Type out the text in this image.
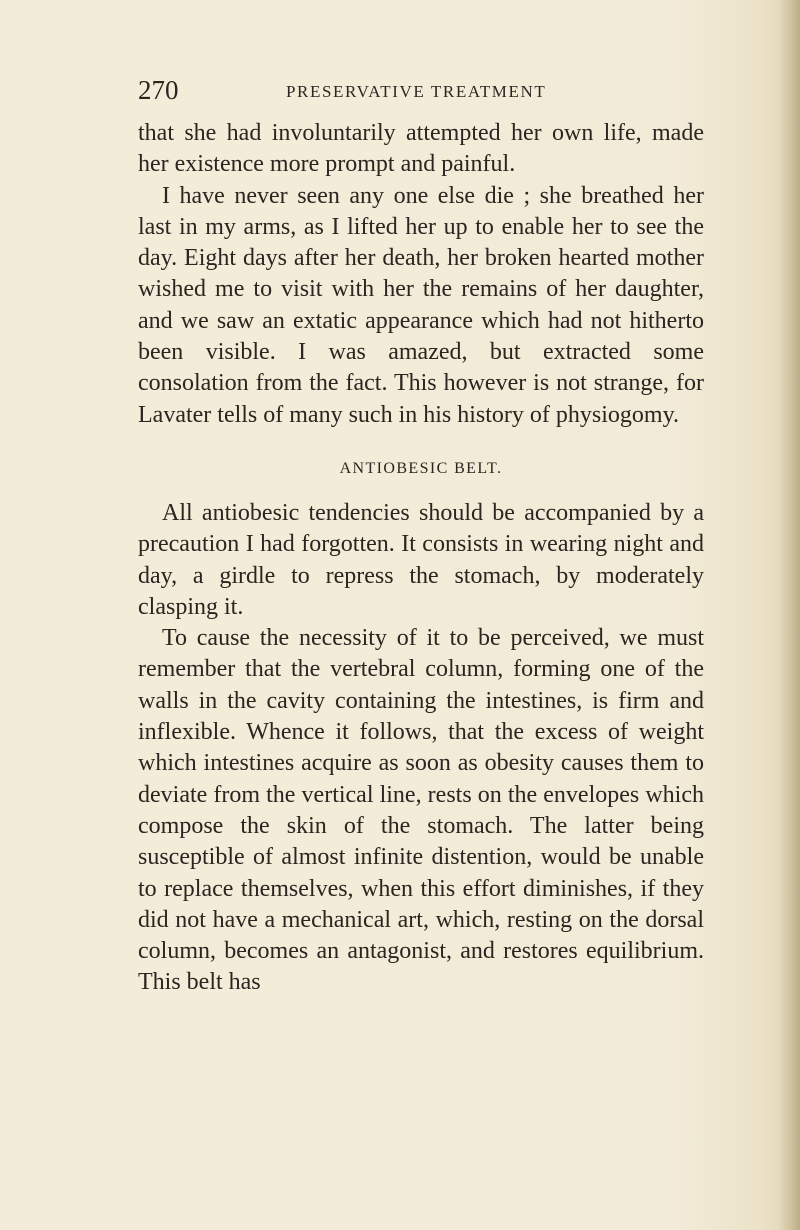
270	PRESERVATIVE TREATMENT

that she had involuntarily attempted her own life, made her existence more prompt and painful.

I have never seen any one else die ; she breathed her last in my arms, as I lifted her up to enable her to see the day. Eight days after her death, her broken hearted mother wished me to visit with her the remains of her daughter, and we saw an extatic appearance which had not hitherto been visible. I was amazed, but extracted some consolation from the fact. This however is not strange, for Lavater tells of many such in his history of physiogomy.

ANTIOBESIC BELT.

All antiobesic tendencies should be accompanied by a precaution I had forgotten. It consists in wearing night and day, a girdle to repress the stomach, by moderately clasping it.

To cause the necessity of it to be perceived, we must remember that the vertebral column, forming one of the walls in the cavity containing the intestines, is firm and inflexible. Whence it follows, that the excess of weight which intestines acquire as soon as obesity causes them to deviate from the vertical line, rests on the envelopes which compose the skin of the stomach. The latter being susceptible of almost infinite distention, would be unable to replace themselves, when this effort diminishes, if they did not have a mechanical art, which, resting on the dorsal column, becomes an antagonist, and restores equilibrium. This belt has
